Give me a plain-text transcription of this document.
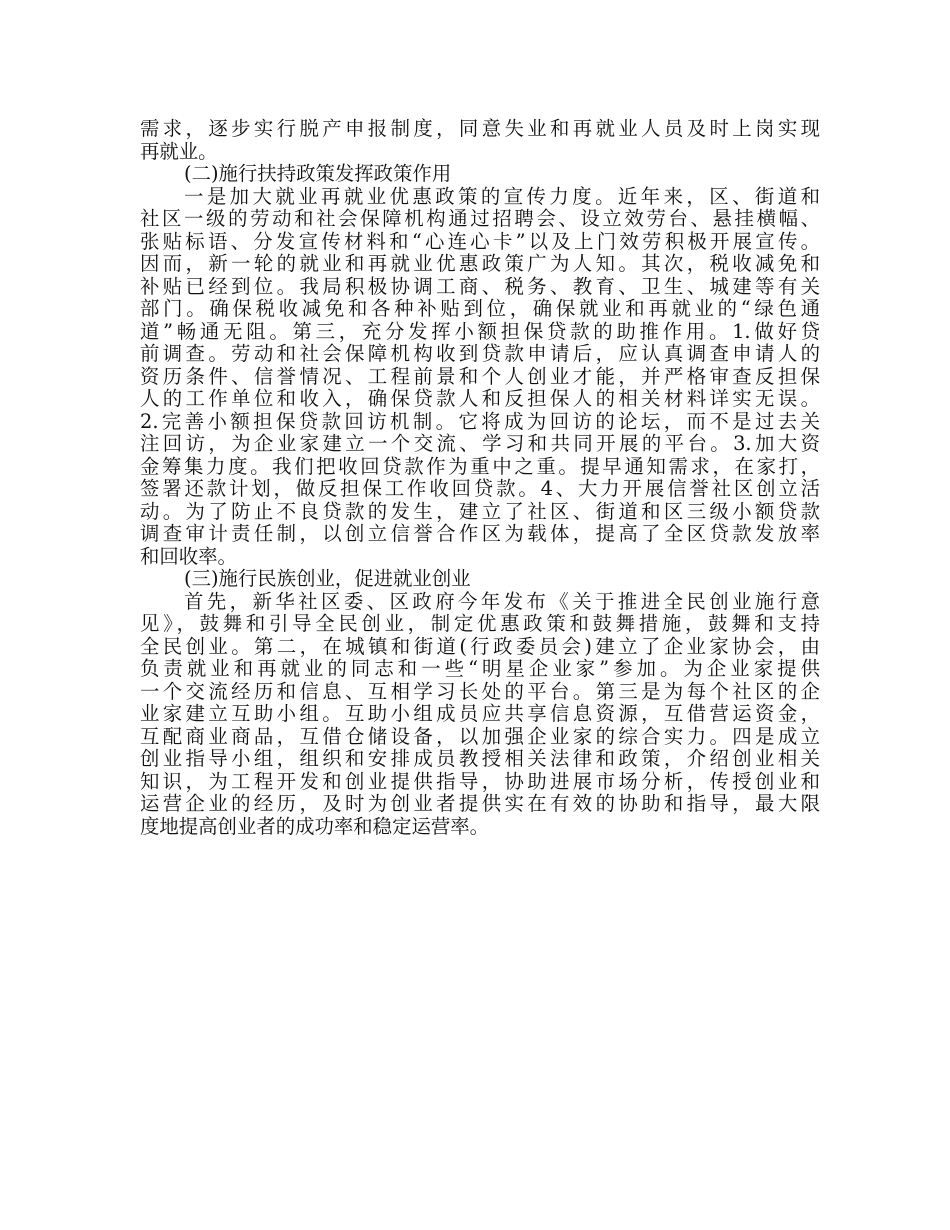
需求，逐步实行脱产申报制度，同意失业和再就业人员及时上岗实现
再就业。
(二)施行扶持政策发挥政策作用
一是加大就业再就业优惠政策的宣传力度。近年来，区、街道和
社区一级的劳动和社会保障机构通过招聘会、设立效劳台、悬挂横幅、
张贴标语、分发宣传材料和“心连心卡”以及上门效劳积极开展宣传。
因而，新一轮的就业和再就业优惠政策广为人知。其次，税收减免和
补贴已经到位。我局积极协调工商、税务、教育、卫生、城建等有关
部门。确保税收减免和各种补贴到位，确保就业和再就业的“绿色通
道”畅通无阻。第三，充分发挥小额担保贷款的助推作用。1.做好贷
前调查。劳动和社会保障机构收到贷款申请后，应认真调查申请人的
资历条件、信誉情况、工程前景和个人创业才能，并严格审查反担保
人的工作单位和收入，确保贷款人和反担保人的相关材料详实无误。
2.完善小额担保贷款回访机制。它将成为回访的论坛，而不是过去关
注回访，为企业家建立一个交流、学习和共同开展的平台。3.加大资
金筹集力度。我们把收回贷款作为重中之重。提早通知需求，在家打，
签署还款计划，做反担保工作收回贷款。4、大力开展信誉社区创立活
动。为了防止不良贷款的发生，建立了社区、街道和区三级小额贷款
调查审计责任制，以创立信誉合作区为载体，提高了全区贷款发放率
和回收率。
(三)施行民族创业，促进就业创业
首先，新华社区委、区政府今年发布《关于推进全民创业施行意
见》，鼓舞和引导全民创业，制定优惠政策和鼓舞措施，鼓舞和支持
全民创业。第二，在城镇和街道(行政委员会)建立了企业家协会，由
负责就业和再就业的同志和一些“明星企业家”参加。为企业家提供
一个交流经历和信息、互相学习长处的平台。第三是为每个社区的企
业家建立互助小组。互助小组成员应共享信息资源，互借营运资金，
互配商业商品，互借仓储设备，以加强企业家的综合实力。四是成立
创业指导小组，组织和安排成员教授相关法律和政策，介绍创业相关
知识，为工程开发和创业提供指导，协助进展市场分析，传授创业和
运营企业的经历，及时为创业者提供实在有效的协助和指导，最大限
度地提高创业者的成功率和稳定运营率。
